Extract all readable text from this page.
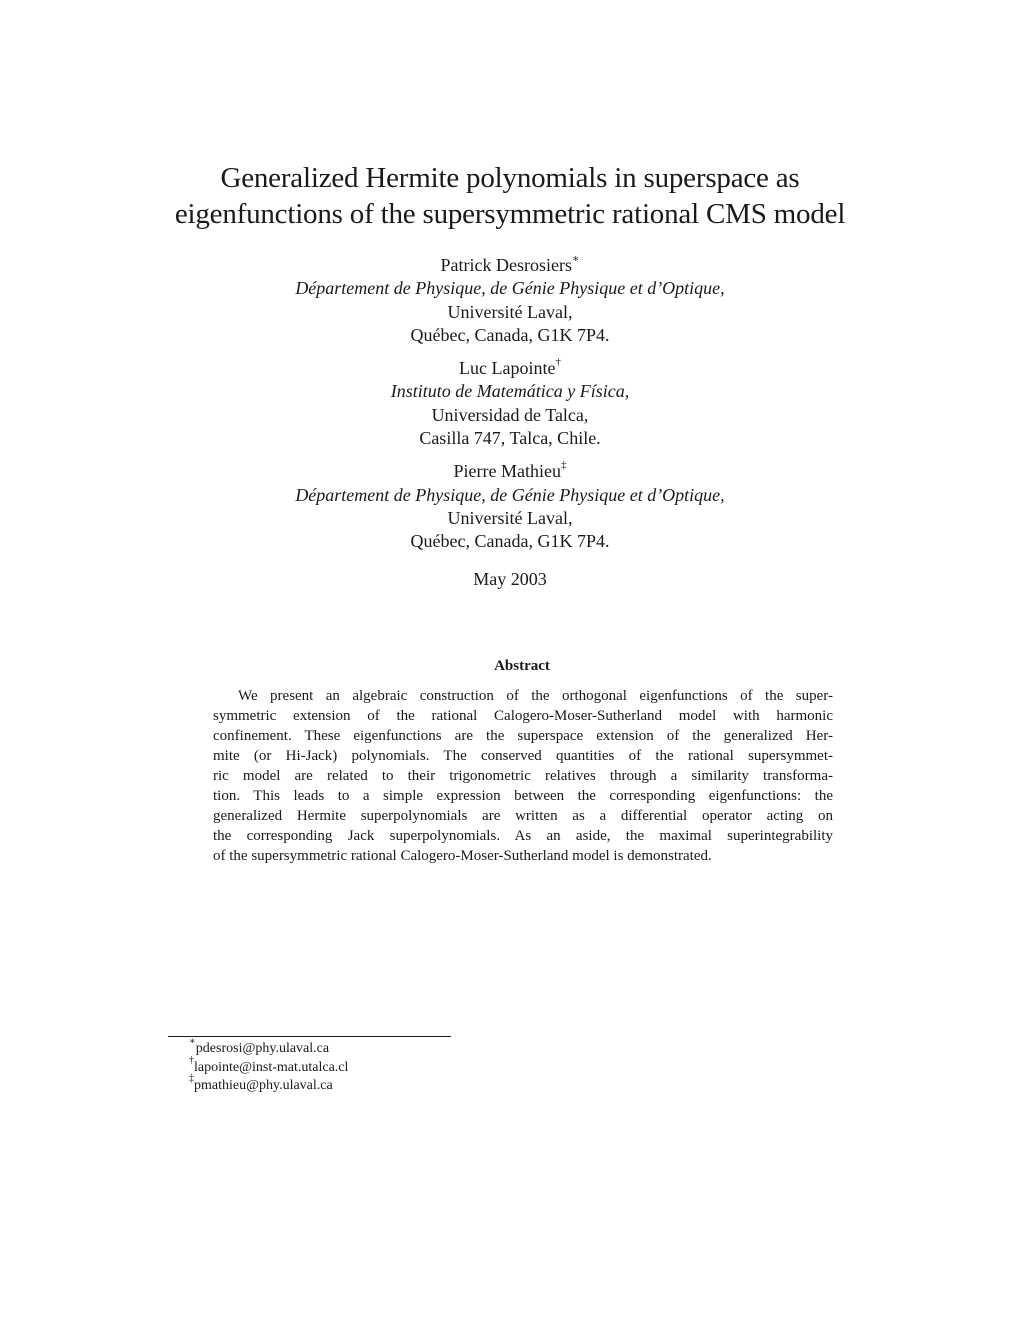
Generalized Hermite polynomials in superspace as
eigenfunctions of the supersymmetric rational CMS model
Patrick Desrosiers∗
Département de Physique, de Génie Physique et d’Optique,
Université Laval,
Québec, Canada, G1K 7P4.
Luc Lapointe†
Instituto de Matemática y Física,
Universidad de Talca,
Casilla 747, Talca, Chile.
Pierre Mathieu‡
Département de Physique, de Génie Physique et d’Optique,
Université Laval,
Québec, Canada, G1K 7P4.
May 2003
Abstract
We present an algebraic construction of the orthogonal eigenfunctions of the super-
symmetric extension of the rational Calogero-Moser-Sutherland model with harmonic
confinement. These eigenfunctions are the superspace extension of the generalized Her-
mite (or Hi-Jack) polynomials. The conserved quantities of the rational supersymmet-
ric model are related to their trigonometric relatives through a similarity transforma-
tion. This leads to a simple expression between the corresponding eigenfunctions: the
generalized Hermite superpolynomials are written as a differential operator acting on
the corresponding Jack superpolynomials. As an aside, the maximal superintegrability
of the supersymmetric rational Calogero-Moser-Sutherland model is demonstrated.
∗pdesrosi@phy.ulaval.ca
†lapointe@inst-mat.utalca.cl
‡pmathieu@phy.ulaval.ca
